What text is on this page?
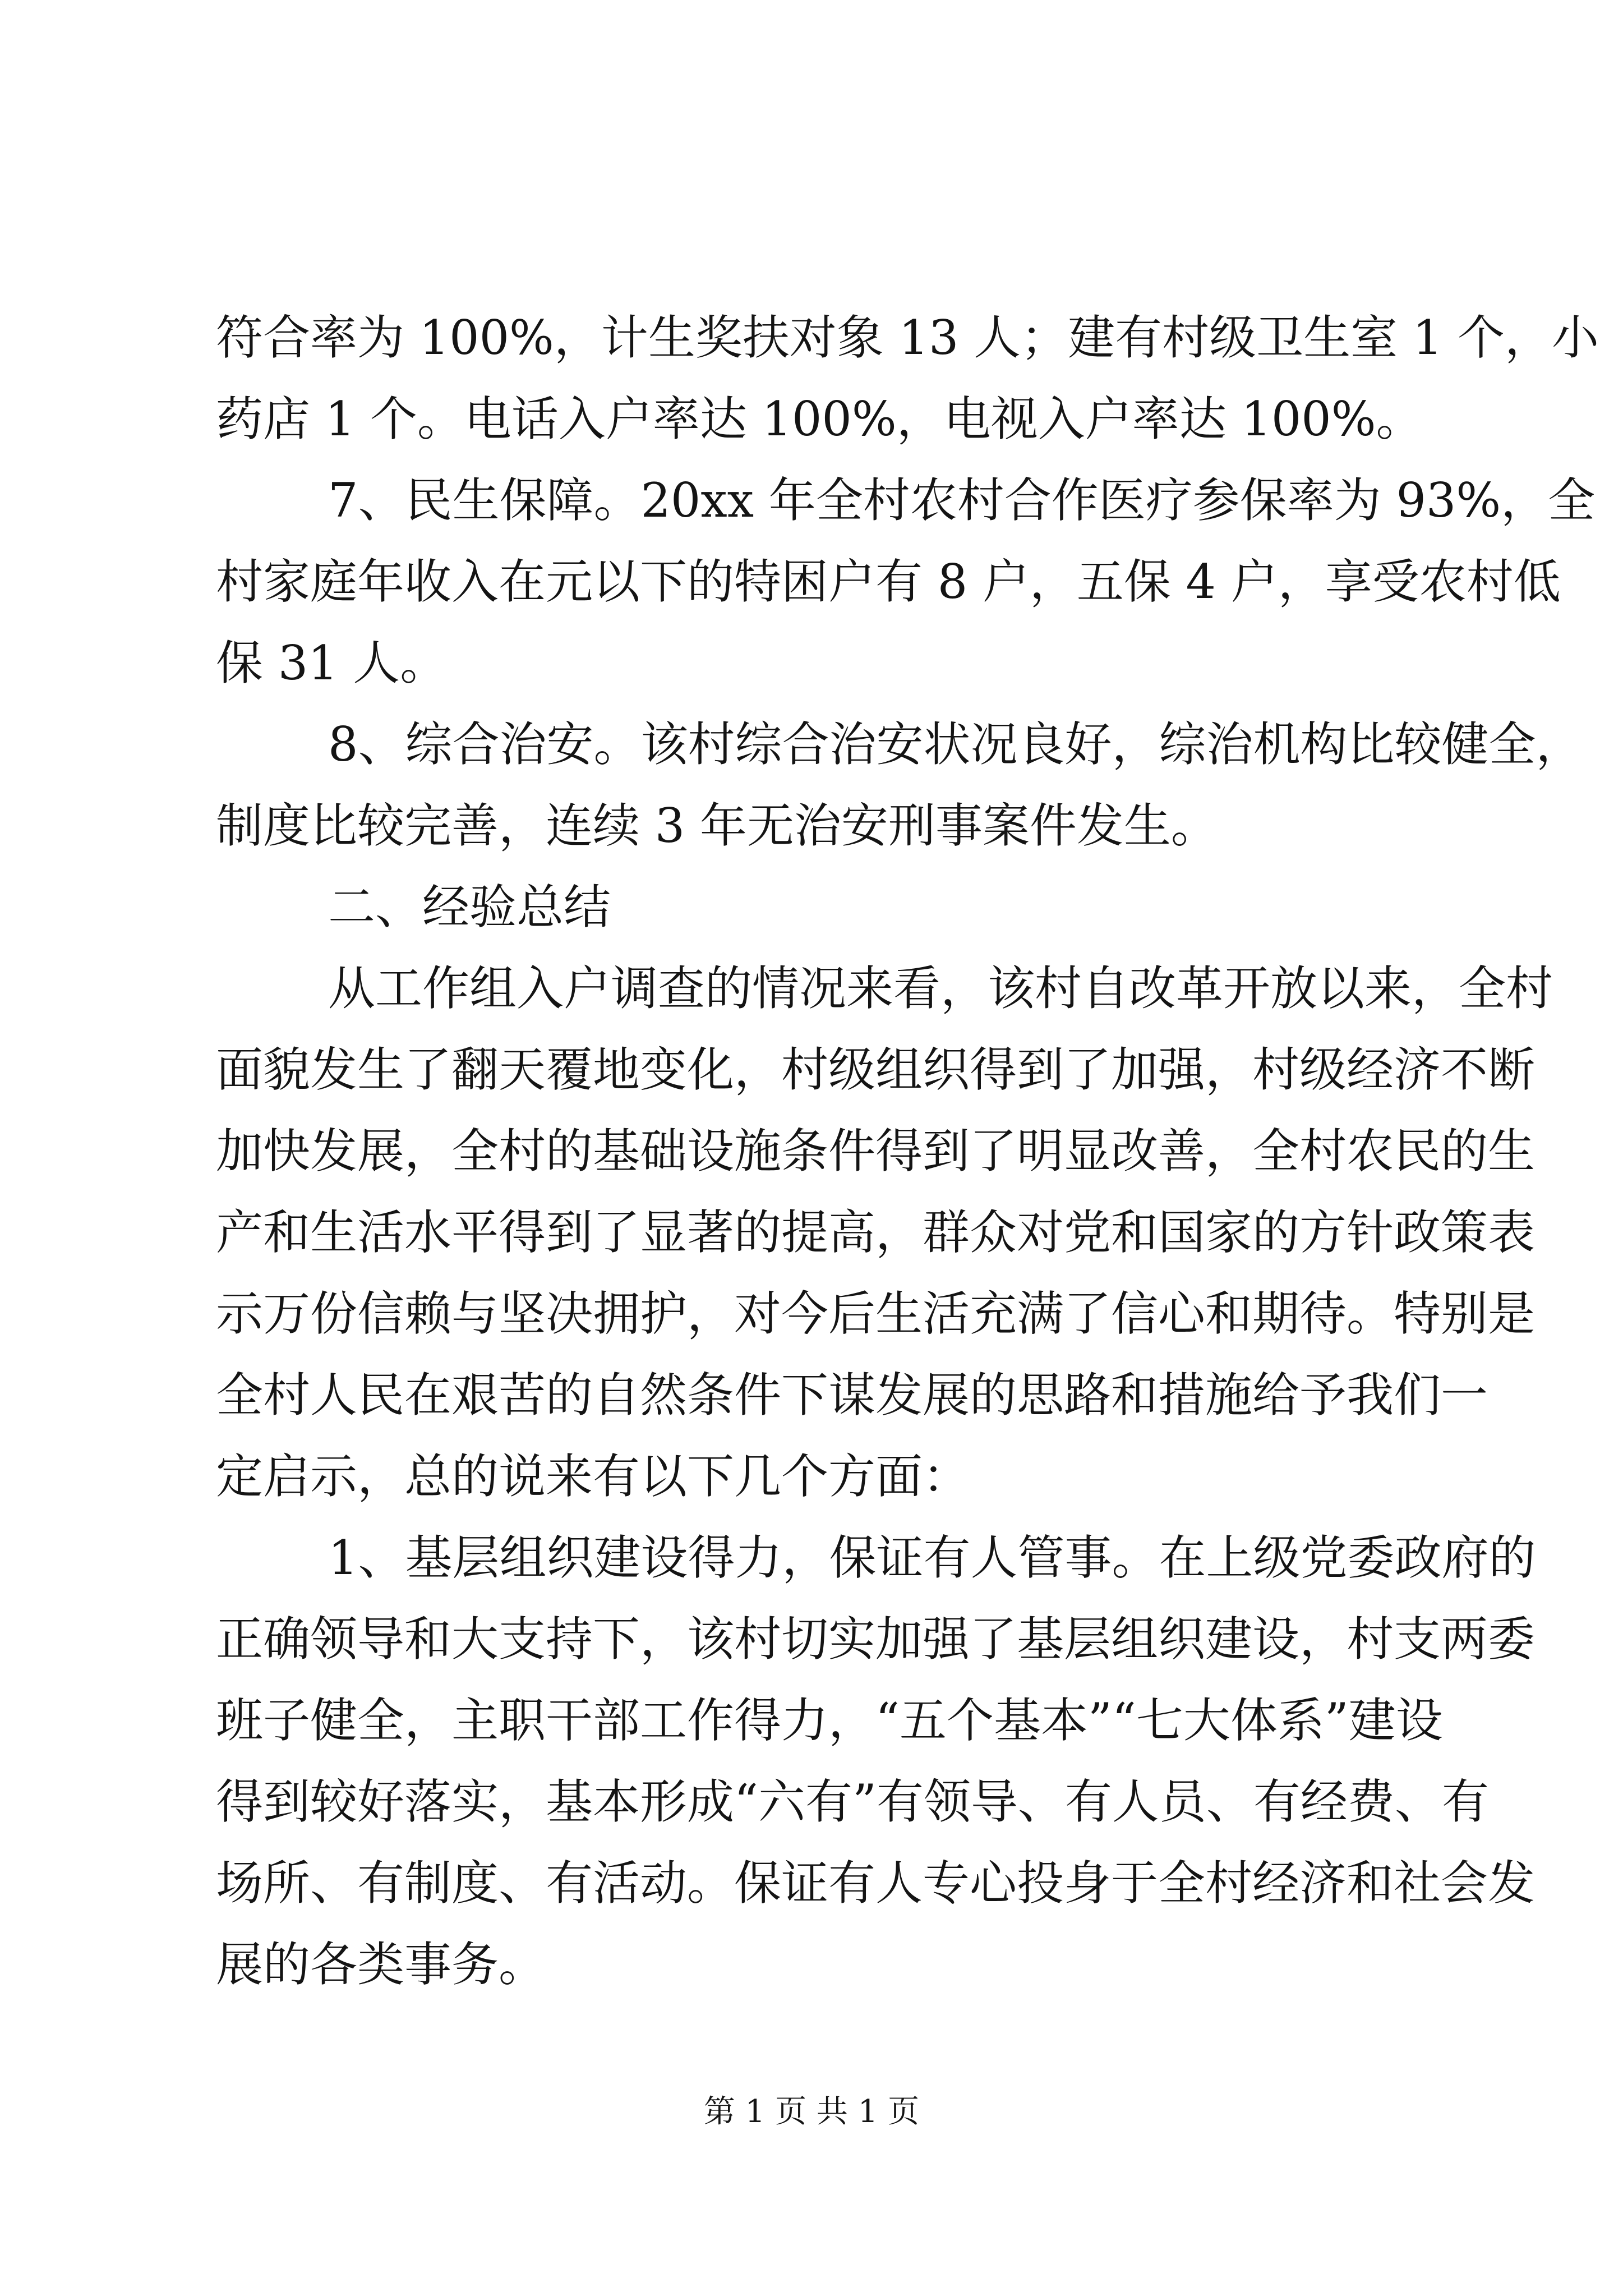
符合率为 100%，计生奖扶对象 13 人；建有村级卫生室 1 个，小
药店 1 个。电话入户率达 100%，电视入户率达 100%。
7、民生保障。20xx 年全村农村合作医疗参保率为 93%，全
村家庭年收入在元以下的特困户有 8 户，五保 4 户，享受农村低
保 31 人。
8、综合治安。该村综合治安状况良好，综治机构比较健全，
制度比较完善，连续 3 年无治安刑事案件发生。
二、经验总结
从工作组入户调查的情况来看，该村自改革开放以来，全村
面貌发生了翻天覆地变化，村级组织得到了加强，村级经济不断
加快发展，全村的基础设施条件得到了明显改善，全村农民的生
产和生活水平得到了显著的提高，群众对党和国家的方针政策表
示万份信赖与坚决拥护，对今后生活充满了信心和期待。特别是
全村人民在艰苦的自然条件下谋发展的思路和措施给予我们一
定启示，总的说来有以下几个方面：
1、基层组织建设得力，保证有人管事。在上级党委政府的
正确领导和大支持下，该村切实加强了基层组织建设，村支两委
班子健全，主职干部工作得力，“五个基本”“七大体系”建设
得到较好落实，基本形成“六有”有领导、有人员、有经费、有
场所、有制度、有活动。保证有人专心投身于全村经济和社会发
展的各类事务。
第 1 页 共 1 页
